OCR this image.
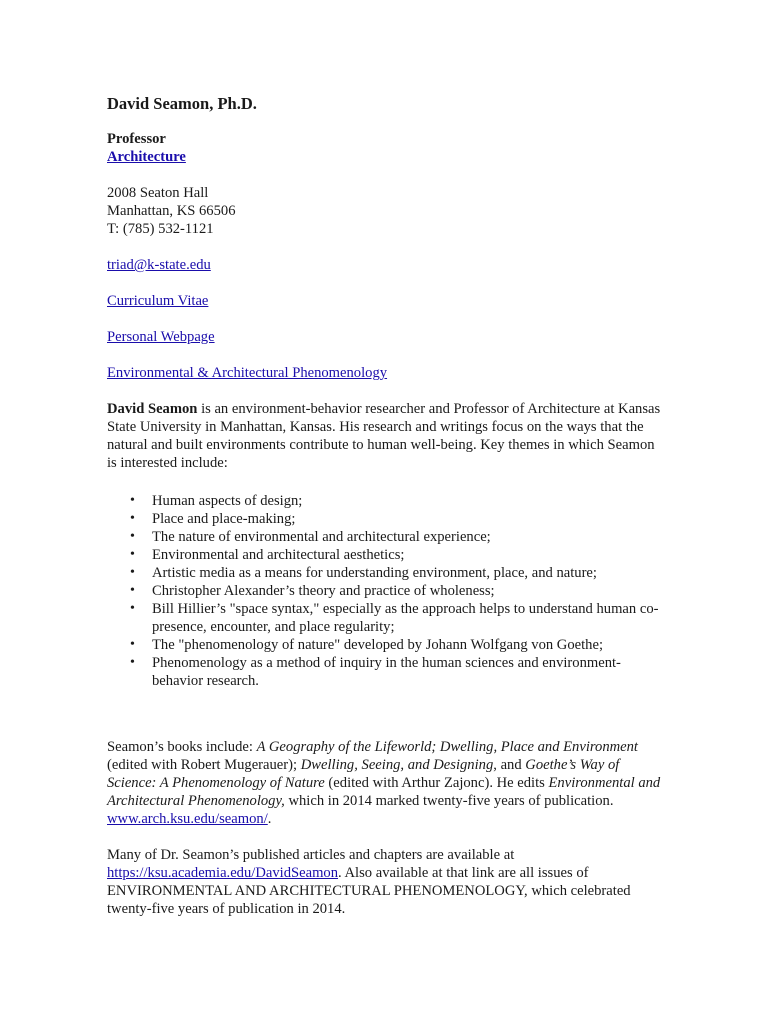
David Seamon, Ph.D.
Professor
Architecture
2008 Seaton Hall
Manhattan, KS 66506
T: (785) 532-1121
triad@k-state.edu
Curriculum Vitae
Personal Webpage
Environmental & Architectural Phenomenology
David Seamon is an environment-behavior researcher and Professor of Architecture at Kansas State University in Manhattan, Kansas. His research and writings focus on the ways that the natural and built environments contribute to human well-being. Key themes in which Seamon is interested include:
• Human aspects of design;
• Place and place-making;
• The nature of environmental and architectural experience;
• Environmental and architectural aesthetics;
• Artistic media as a means for understanding environment, place, and nature;
• Christopher Alexander’s theory and practice of wholeness;
• Bill Hillier’s "space syntax," especially as the approach helps to understand human co-presence, encounter, and place regularity;
• The "phenomenology of nature" developed by Johann Wolfgang von Goethe;
• Phenomenology as a method of inquiry in the human sciences and environment-behavior research.
Seamon’s books include: A Geography of the Lifeworld; Dwelling, Place and Environment (edited with Robert Mugerauer); Dwelling, Seeing, and Designing, and Goethe’s Way of Science: A Phenomenology of Nature (edited with Arthur Zajonc). He edits Environmental and Architectural Phenomenology, which in 2014 marked twenty-five years of publication. www.arch.ksu.edu/seamon/.
Many of Dr. Seamon’s published articles and chapters are available at https://ksu.academia.edu/DavidSeamon. Also available at that link are all issues of ENVIRONMENTAL AND ARCHITECTURAL PHENOMENOLOGY, which celebrated twenty-five years of publication in 2014.
